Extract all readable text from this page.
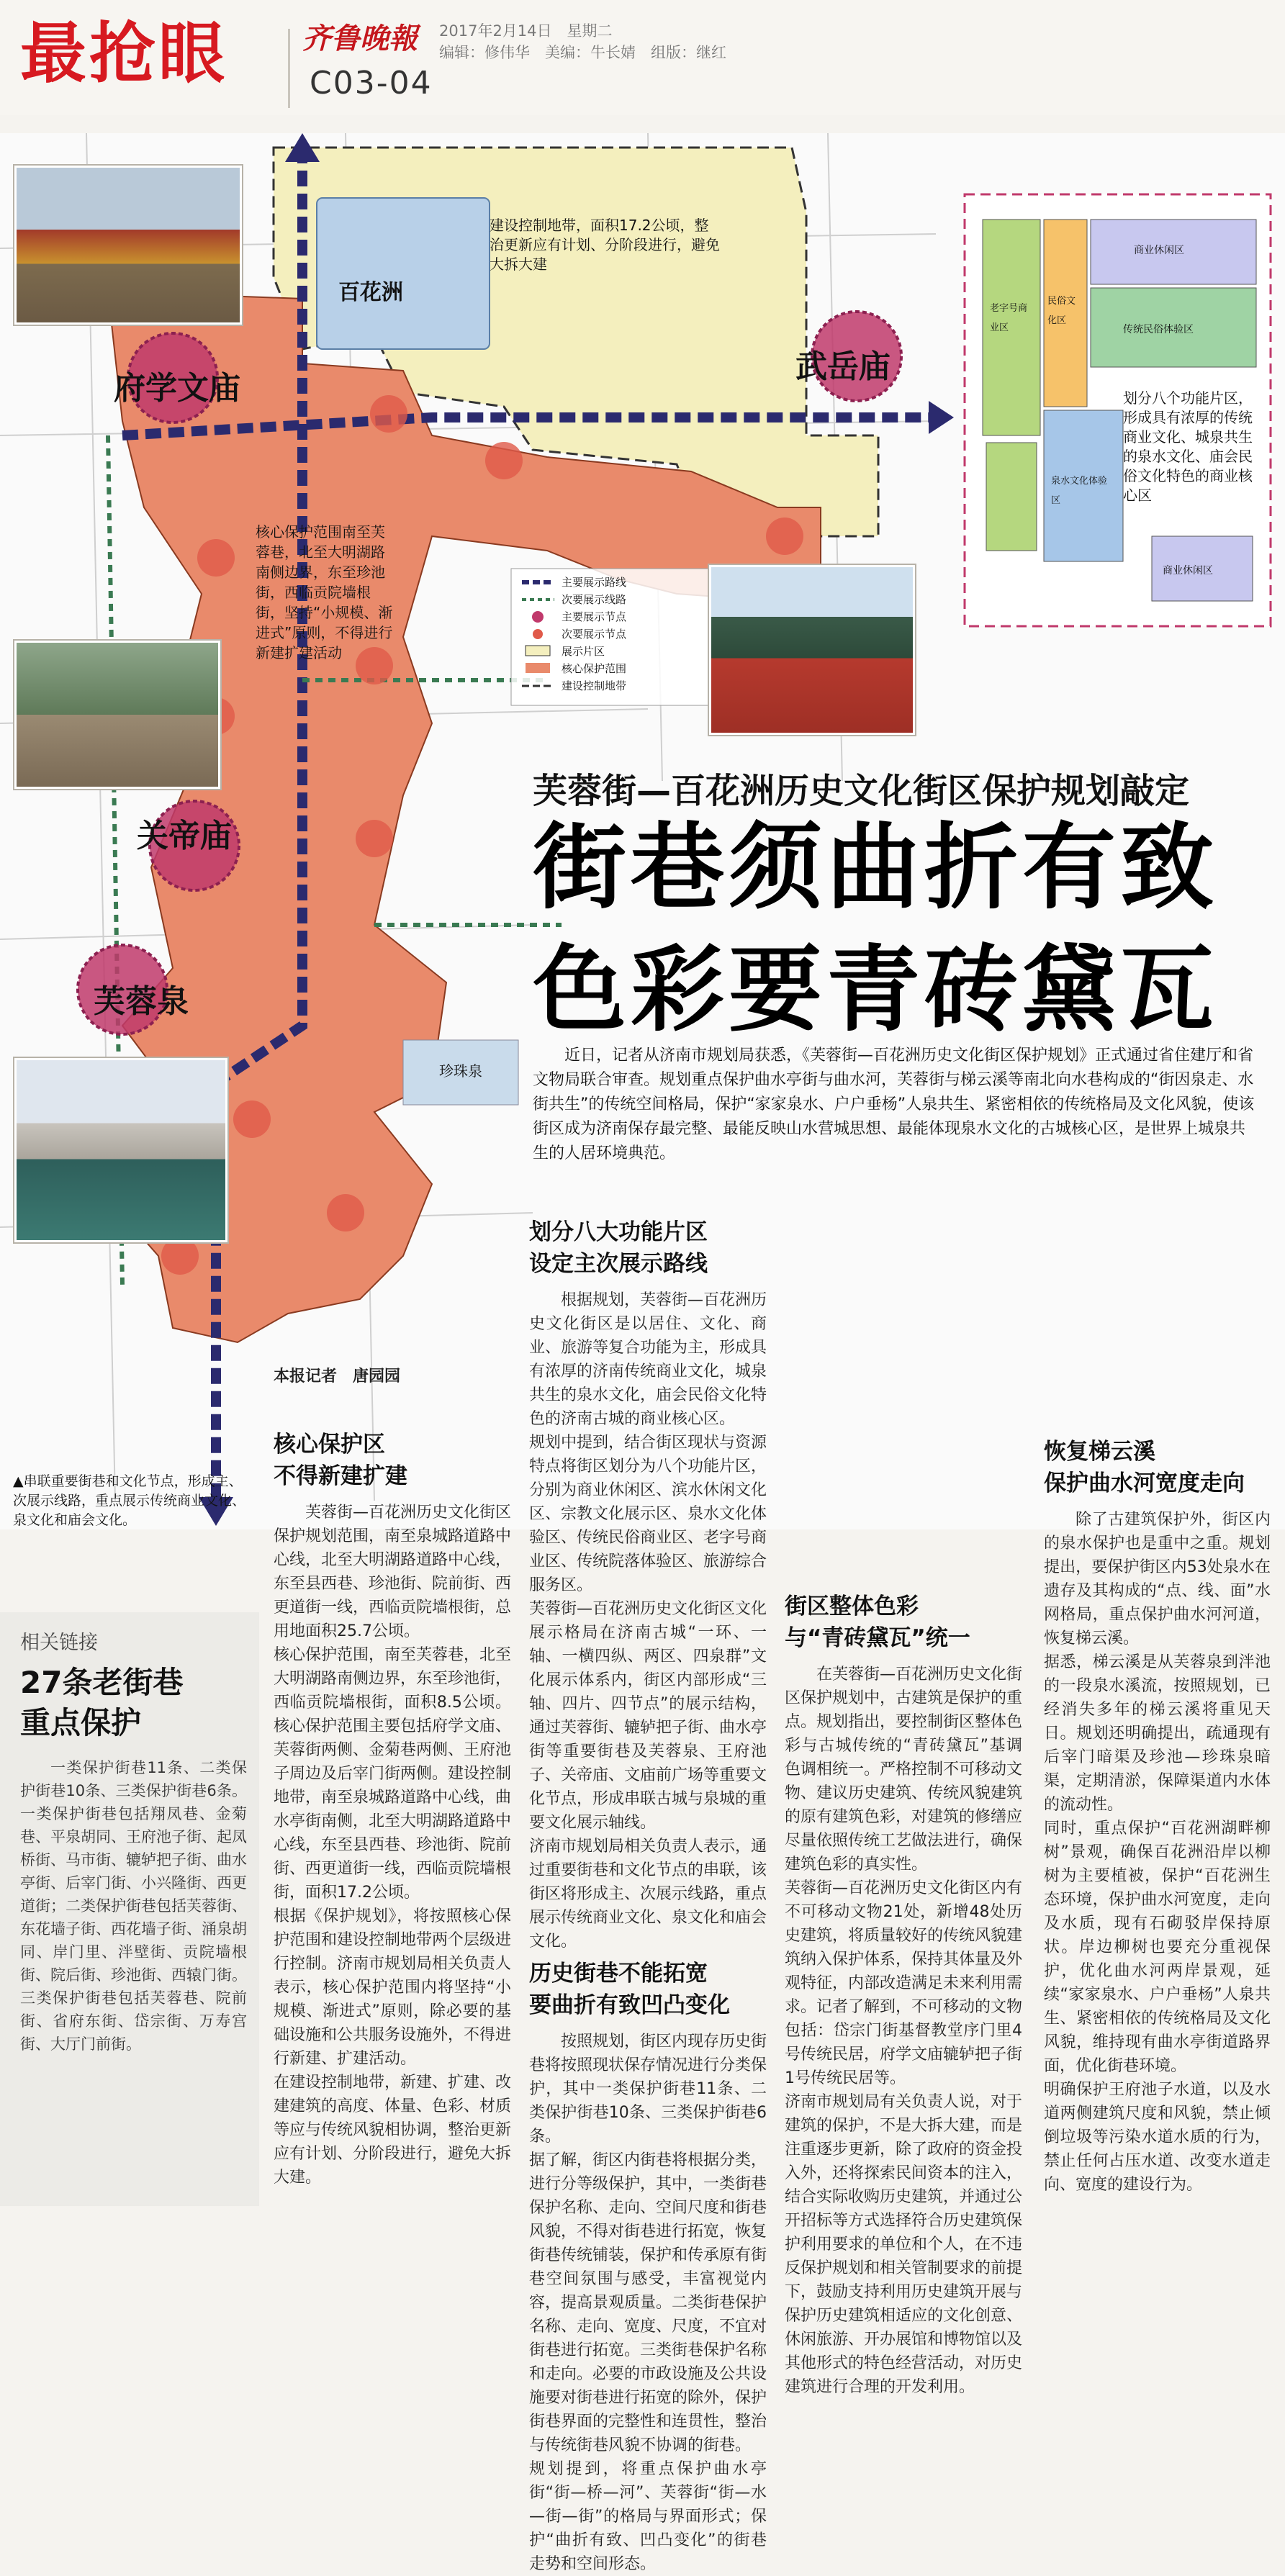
最抢眼	齐鲁晚報 2017年2月14日　星期二
编辑：修伟华　美编：牛长婧　组版：继红
C03-04
府学文庙
武岳庙
关帝庙
芙蓉泉
百花洲
珍珠泉
建设控制地带，面积17.2公顷，整治更新应有计划、分阶段进行，避免大拆大建
核心保护范围南至芙蓉巷，北至大明湖路南侧边界，东至珍池街，西临贡院墙根街，坚持“小规模、渐进式”原则，不得进行新建扩建活动
划分八个功能片区，形成具有浓厚的传统商业文化、城泉共生的泉水文化、庙会民俗文化特色的商业核心区
主要展示路线
次要展示线路
主要展示节点
次要展示节点
展示片区
核心保护范围
建设控制地带
商业休闲区
传统民俗体验区
老字号商业区
民俗文化区
泉水文化体验区
商业休闲区
芙蓉街—百花洲历史文化街区保护规划敲定
街巷须曲折有致
色彩要青砖黛瓦
近日，记者从济南市规划局获悉，《芙蓉街—百花洲历史文化街区保护规划》正式通过省住建厅和省文物局联合审查。规划重点保护曲水亭街与曲水河，芙蓉街与梯云溪等南北向水巷构成的“街因泉走、水街共生”的传统空间格局，保护“家家泉水、户户垂杨”人泉共生、紧密相依的传统格局及文化风貌，使该街区成为济南保存最完整、最能反映山水营城思想、最能体现泉水文化的古城核心区，是世界上城泉共生的人居环境典范。
▲串联重要街巷和文化节点，形成主、次展示线路，重点展示传统商业文化、泉文化和庙会文化。
本报记者　唐园园
核心保护区
不得新建扩建
芙蓉街—百花洲历史文化街区保护规划范围，南至泉城路道路中心线，北至大明湖路道路中心线，东至县西巷、珍池街、院前街、西更道街一线，西临贡院墙根街，总用地面积25.7公顷。
核心保护范围，南至芙蓉巷，北至大明湖路南侧边界，东至珍池街，西临贡院墙根街，面积8.5公顷。核心保护范围主要包括府学文庙、芙蓉街两侧、金菊巷两侧、王府池子周边及后宰门街两侧。建设控制地带，南至泉城路道路中心线，曲水亭街南侧，北至大明湖路道路中心线，东至县西巷、珍池街、院前街、西更道街一线，西临贡院墙根街，面积17.2公顷。
根据《保护规划》，将按照核心保护范围和建设控制地带两个层级进行控制。济南市规划局相关负责人表示，核心保护范围内将坚持“小规模、渐进式”原则，除必要的基础设施和公共服务设施外，不得进行新建、扩建活动。
在建设控制地带，新建、扩建、改建建筑的高度、体量、色彩、材质等应与传统风貌相协调，整治更新应有计划、分阶段进行，避免大拆大建。
划分八大功能片区
设定主次展示路线
根据规划，芙蓉街—百花洲历史文化街区是以居住、文化、商业、旅游等复合功能为主，形成具有浓厚的济南传统商业文化，城泉共生的泉水文化，庙会民俗文化特色的济南古城的商业核心区。
规划中提到，结合街区现状与资源特点将街区划分为八个功能片区，分别为商业休闲区、滨水休闲文化区、宗教文化展示区、泉水文化体验区、传统民俗商业区、老字号商业区、传统院落体验区、旅游综合服务区。
芙蓉街—百花洲历史文化街区文化展示格局在济南古城“一环、一轴、一横四纵、两区、四泉群”文化展示体系内，街区内部形成“三轴、四片、四节点”的展示结构，通过芙蓉街、辘轳把子街、曲水亭街等重要街巷及芙蓉泉、王府池子、关帝庙、文庙前广场等重要文化节点，形成串联古城与泉城的重要文化展示轴线。
济南市规划局相关负责人表示，通过重要街巷和文化节点的串联，该街区将形成主、次展示线路，重点展示传统商业文化、泉文化和庙会文化。
历史街巷不能拓宽
要曲折有致凹凸变化
按照规划，街区内现存历史街巷将按照现状保存情况进行分类保护，其中一类保护街巷11条、二类保护街巷10条、三类保护街巷6条。
据了解，街区内街巷将根据分类，进行分等级保护，其中，一类街巷保护名称、走向、空间尺度和街巷风貌，不得对街巷进行拓宽，恢复街巷传统铺装，保护和传承原有街巷空间氛围与感受，丰富视觉内容，提高景观质量。二类街巷保护名称、走向、宽度、尺度，不宜对街巷进行拓宽。三类街巷保护名称和走向。必要的市政设施及公共设施要对街巷进行拓宽的除外，保护街巷界面的完整性和连贯性，整治与传统街巷风貌不协调的街巷。
规划提到，将重点保护曲水亭街“街—桥—河”、芙蓉街“街—水—街—街”的格局与界面形式；保护“曲折有致、凹凸变化”的街巷走势和空间形态。
街区整体色彩
与“青砖黛瓦”统一
在芙蓉街—百花洲历史文化街区保护规划中，古建筑是保护的重点。规划指出，要控制街区整体色彩与古城传统的“青砖黛瓦”基调色调相统一。严格控制不可移动文物、建议历史建筑、传统风貌建筑的原有建筑色彩，对建筑的修缮应尽量依照传统工艺做法进行，确保建筑色彩的真实性。
芙蓉街—百花洲历史文化街区内有不可移动文物21处，新增48处历史建筑，将质量较好的传统风貌建筑纳入保护体系，保持其体量及外观特征，内部改造满足未来利用需求。记者了解到，不可移动的文物包括：岱宗门街基督教堂序门里4号传统民居，府学文庙辘轳把子街1号传统民居等。
济南市规划局有关负责人说，对于建筑的保护，不是大拆大建，而是注重逐步更新，除了政府的资金投入外，还将探索民间资本的注入，结合实际收购历史建筑，并通过公开招标等方式选择符合历史建筑保护利用要求的单位和个人，在不违反保护规划和相关管制要求的前提下，鼓励支持利用历史建筑开展与保护历史建筑相适应的文化创意、休闲旅游、开办展馆和博物馆以及其他形式的特色经营活动，对历史建筑进行合理的开发利用。
恢复梯云溪
保护曲水河宽度走向
除了古建筑保护外，街区内的泉水保护也是重中之重。规划提出，要保护街区内53处泉水在遗存及其构成的“点、线、面”水网格局，重点保护曲水河河道，恢复梯云溪。
据悉，梯云溪是从芙蓉泉到泮池的一段泉水溪流，按照规划，已经消失多年的梯云溪将重见天日。规划还明确提出，疏通现有后宰门暗渠及珍池—珍珠泉暗渠，定期清淤，保障渠道内水体的流动性。
同时，重点保护“百花洲湖畔柳树”景观，确保百花洲沿岸以柳树为主要植被，保护“百花洲生态环境，保护曲水河宽度，走向及水质，现有石砌驳岸保持原状。岸边柳树也要充分重视保护，优化曲水河两岸景观，延续“家家泉水、户户垂杨”人泉共生、紧密相依的传统格局及文化风貌，维持现有曲水亭街道路界面，优化街巷环境。
明确保护王府池子水道，以及水道两侧建筑尺度和风貌，禁止倾倒垃圾等污染水道水质的行为，禁止任何占压水道、改变水道走向、宽度的建设行为。
相关链接
27条老街巷
重点保护
一类保护街巷11条、二类保护街巷10条、三类保护街巷6条。一类保护街巷包括翔凤巷、金菊巷、平泉胡同、王府池子街、起凤桥街、马市街、辘轳把子街、曲水亭街、后宰门街、小兴隆街、西更道街；二类保护街巷包括芙蓉街、东花墙子街、西花墙子街、涌泉胡同、岸门里、泮壁街、贡院墙根街、院后街、珍池街、西辕门街。三类保护街巷包括芙蓉巷、院前街、省府东街、岱宗街、万寿宫街、大厅门前街。
